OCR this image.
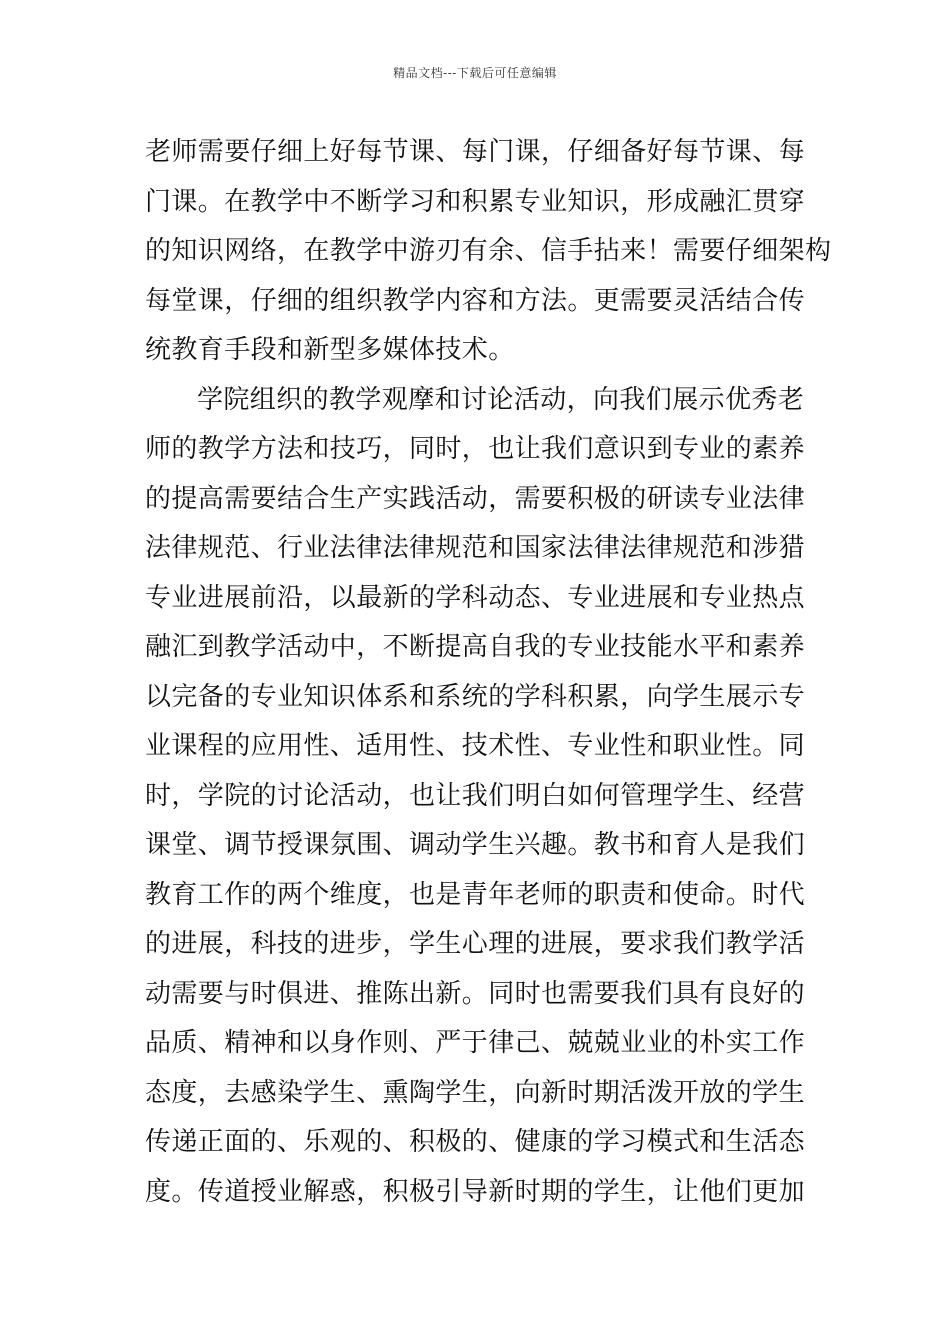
精品文档---下载后可任意编辑
老师需要仔细上好每节课、每门课，仔细备好每节课、每
门课。在教学中不断学习和积累专业知识，形成融汇贯穿
的知识网络，在教学中游刃有余、信手拈来！需要仔细架构
每堂课，仔细的组织教学内容和方法。更需要灵活结合传
统教育手段和新型多媒体技术。
学院组织的教学观摩和讨论活动，向我们展示优秀老
师的教学方法和技巧，同时，也让我们意识到专业的素养
的提高需要结合生产实践活动，需要积极的研读专业法律
法律规范、行业法律法律规范和国家法律法律规范和涉猎
专业进展前沿，以最新的学科动态、专业进展和专业热点
融汇到教学活动中，不断提高自我的专业技能水平和素养
以完备的专业知识体系和系统的学科积累，向学生展示专
业课程的应用性、适用性、技术性、专业性和职业性。同
时，学院的讨论活动，也让我们明白如何管理学生、经营
课堂、调节授课氛围、调动学生兴趣。教书和育人是我们
教育工作的两个维度，也是青年老师的职责和使命。时代
的进展，科技的进步，学生心理的进展，要求我们教学活
动需要与时俱进、推陈出新。同时也需要我们具有良好的
品质、精神和以身作则、严于律己、兢兢业业的朴实工作
态度，去感染学生、熏陶学生，向新时期活泼开放的学生
传递正面的、乐观的、积极的、健康的学习模式和生活态
度。传道授业解惑，积极引导新时期的学生，让他们更加
